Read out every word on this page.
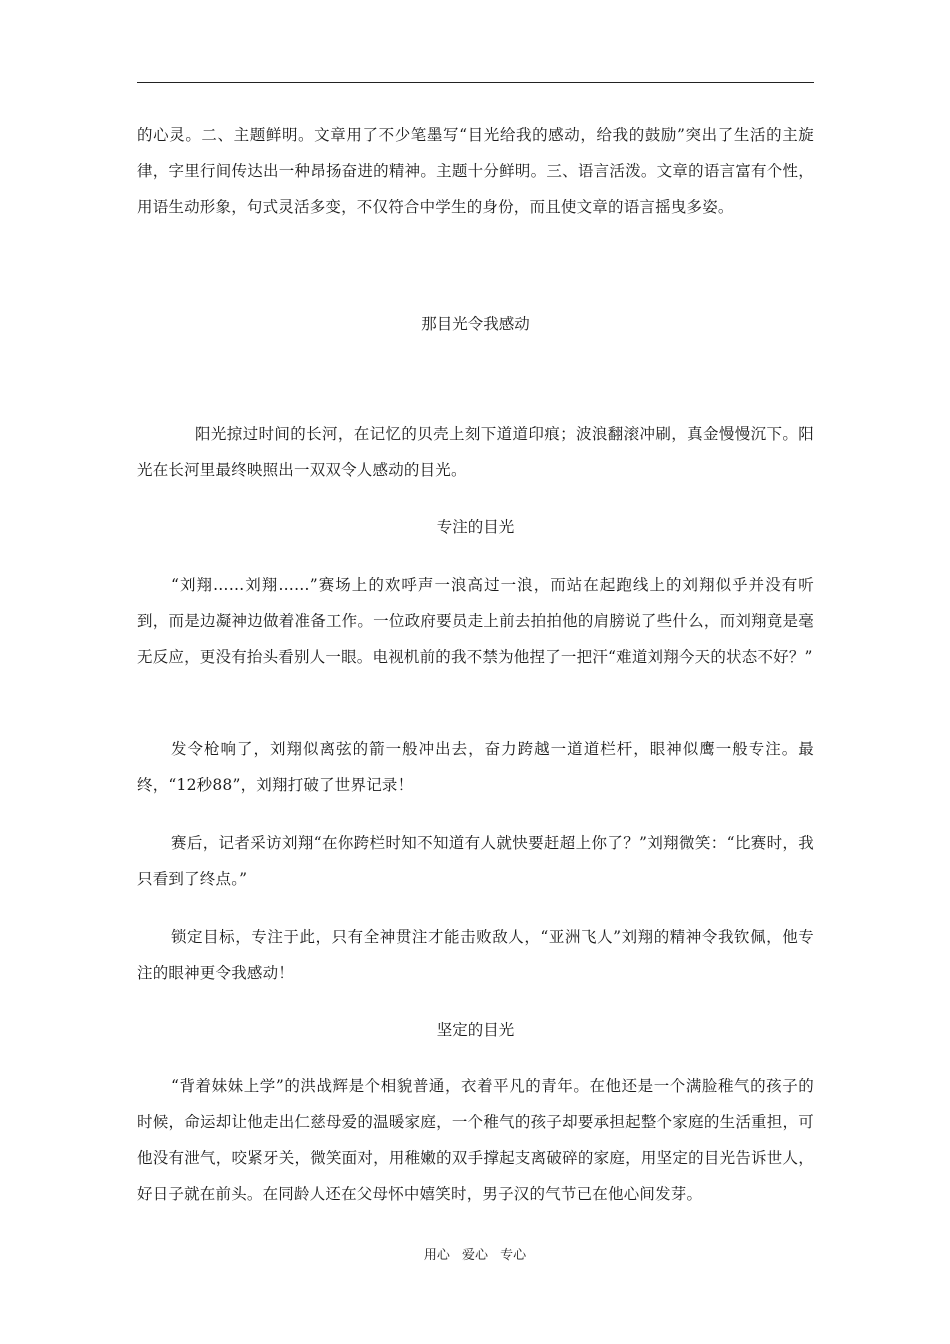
的心灵。二、主题鲜明。文章用了不少笔墨写“目光给我的感动，给我的鼓励”突出了生活的主旋律，字里行间传达出一种昂扬奋进的精神。主题十分鲜明。三、语言活泼。文章的语言富有个性，用语生动形象，句式灵活多变，不仅符合中学生的身份，而且使文章的语言摇曳多姿。
那目光令我感动
阳光掠过时间的长河，在记忆的贝壳上刻下道道印痕；波浪翻滚冲刷，真金慢慢沉下。阳光在长河里最终映照出一双双令人感动的目光。
专注的目光
“刘翔……刘翔……”赛场上的欢呼声一浪高过一浪，而站在起跑线上的刘翔似乎并没有听到，而是边凝神边做着准备工作。一位政府要员走上前去拍拍他的肩膀说了些什么，而刘翔竟是毫无反应，更没有抬头看别人一眼。电视机前的我不禁为他捏了一把汗“难道刘翔今天的状态不好？”
发令枪响了，刘翔似离弦的箭一般冲出去，奋力跨越一道道栏杆，眼神似鹰一般专注。最终，“12秒88”，刘翔打破了世界记录！
赛后，记者采访刘翔“在你跨栏时知不知道有人就快要赶超上你了？”刘翔微笑：“比赛时，我只看到了终点。”
锁定目标，专注于此，只有全神贯注才能击败敌人，“亚洲飞人”刘翔的精神令我钦佩，他专注的眼神更令我感动！
坚定的目光
“背着妹妹上学”的洪战辉是个相貌普通，衣着平凡的青年。在他还是一个满脸稚气的孩子的时候，命运却让他走出仁慈母爱的温暖家庭，一个稚气的孩子却要承担起整个家庭的生活重担，可他没有泄气，咬紧牙关，微笑面对，用稚嫩的双手撑起支离破碎的家庭，用坚定的目光告诉世人，好日子就在前头。在同龄人还在父母怀中嬉笑时，男子汉的气节已在他心间发芽。
用心 爱心 专心
